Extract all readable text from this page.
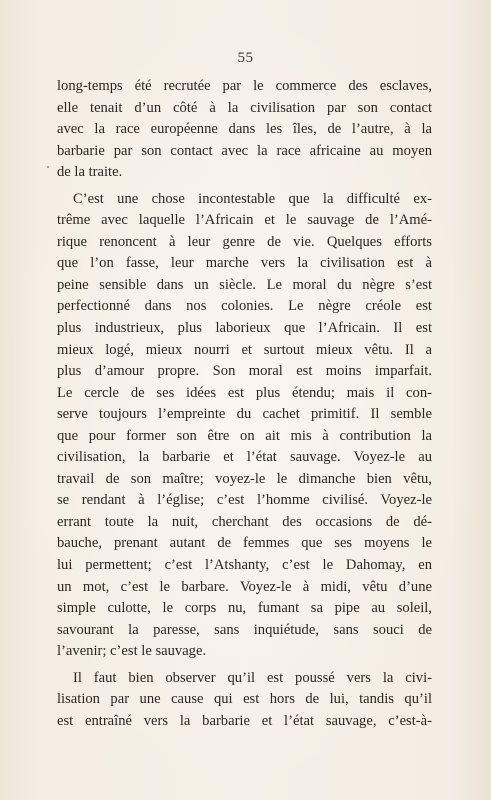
55
long-temps été recrutée par le commerce des esclaves,
elle tenait d’un côté à la civilisation par son contact
avec la race européenne dans les îles, de l’autre, à la
barbarie par son contact avec la race africaine au moyen
de la traite.
C’est une chose incontestable que la difficulté ex-
trême avec laquelle l’Africain et le sauvage de l’Amé-
rique renoncent à leur genre de vie. Quelques efforts
que l’on fasse, leur marche vers la civilisation est à
peine sensible dans un siècle. Le moral du nègre s’est
perfectionné dans nos colonies. Le nègre créole est
plus industrieux, plus laborieux que l’Africain. Il est
mieux logé, mieux nourri et surtout mieux vêtu. Il a
plus d’amour propre. Son moral est moins imparfait.
Le cercle de ses idées est plus étendu; mais il con-
serve toujours l’empreinte du cachet primitif. Il semble
que pour former son être on ait mis à contribution la
civilisation, la barbarie et l’état sauvage. Voyez-le au
travail de son maître; voyez-le le dimanche bien vêtu,
se rendant à l’église; c’est l’homme civilisé. Voyez-le
errant toute la nuit, cherchant des occasions de dé-
bauche, prenant autant de femmes que ses moyens le
lui permettent; c’est l’Atshanty, c’est le Dahomay, en
un mot, c’est le barbare. Voyez-le à midi, vêtu d’une
simple culotte, le corps nu, fumant sa pipe au soleil,
savourant la paresse, sans inquiétude, sans souci de
l’avenir; c’est le sauvage.
Il faut bien observer qu’il est poussé vers la civi-
lisation par une cause qui est hors de lui, tandis qu’il
est entraîné vers la barbarie et l’état sauvage, c’est-à-
